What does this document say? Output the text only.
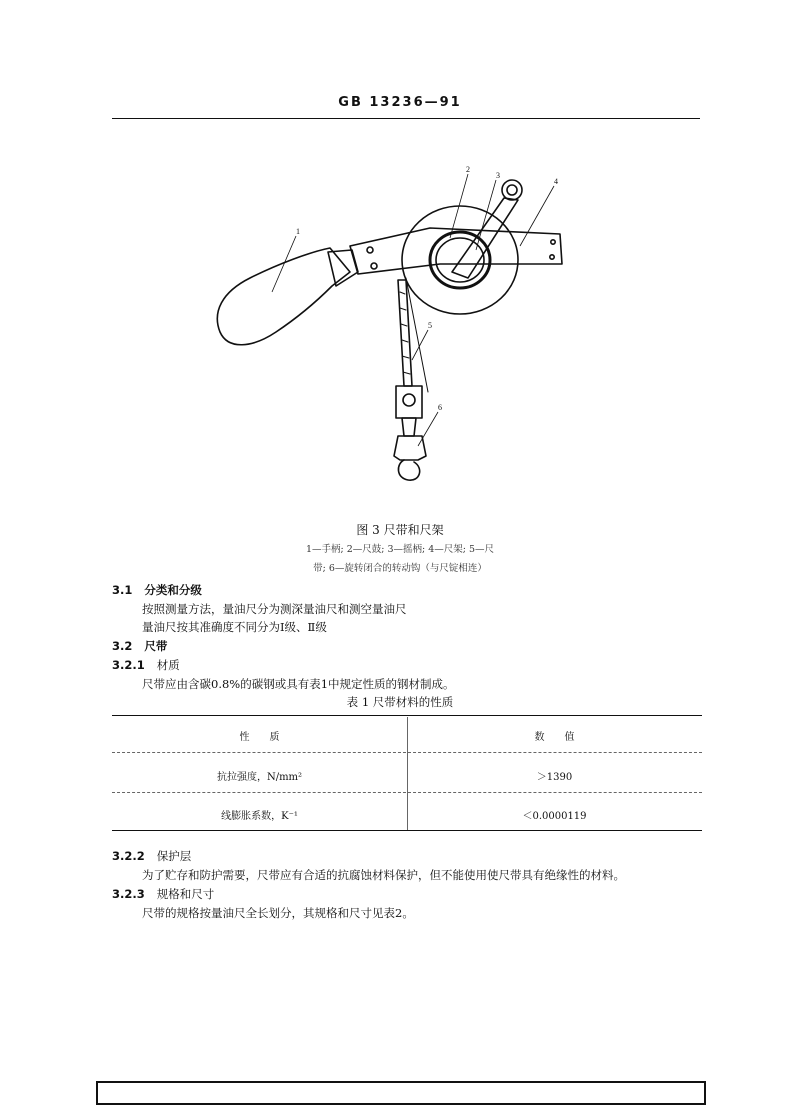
GB 13236—91
1
2
3
4
5
6
图 3 尺带和尺架
1—手柄; 2—尺鼓; 3—摇柄; 4—尺架; 5—尺
带; 6—旋转闭合的转动钩（与尺锭相连）
3.1 分类和分级
按照测量方法，量油尺分为测深量油尺和测空量油尺
量油尺按其准确度不同分为Ⅰ级、Ⅱ级
3.2 尺带
3.2.1 材质
尺带应由含碳0.8%的碳钢或具有表1中规定性质的钢材制成。
表 1 尺带材料的性质
性　　质	数　　值
抗拉强度，N/mm²	＞1390
线膨胀系数，K⁻¹	＜0.0000119
3.2.2 保护层
为了贮存和防护需要，尺带应有合适的抗腐蚀材料保护，但不能使用使尺带具有绝缘性的材料。
3.2.3 规格和尺寸
尺带的规格按量油尺全长划分，其规格和尺寸见表2。
